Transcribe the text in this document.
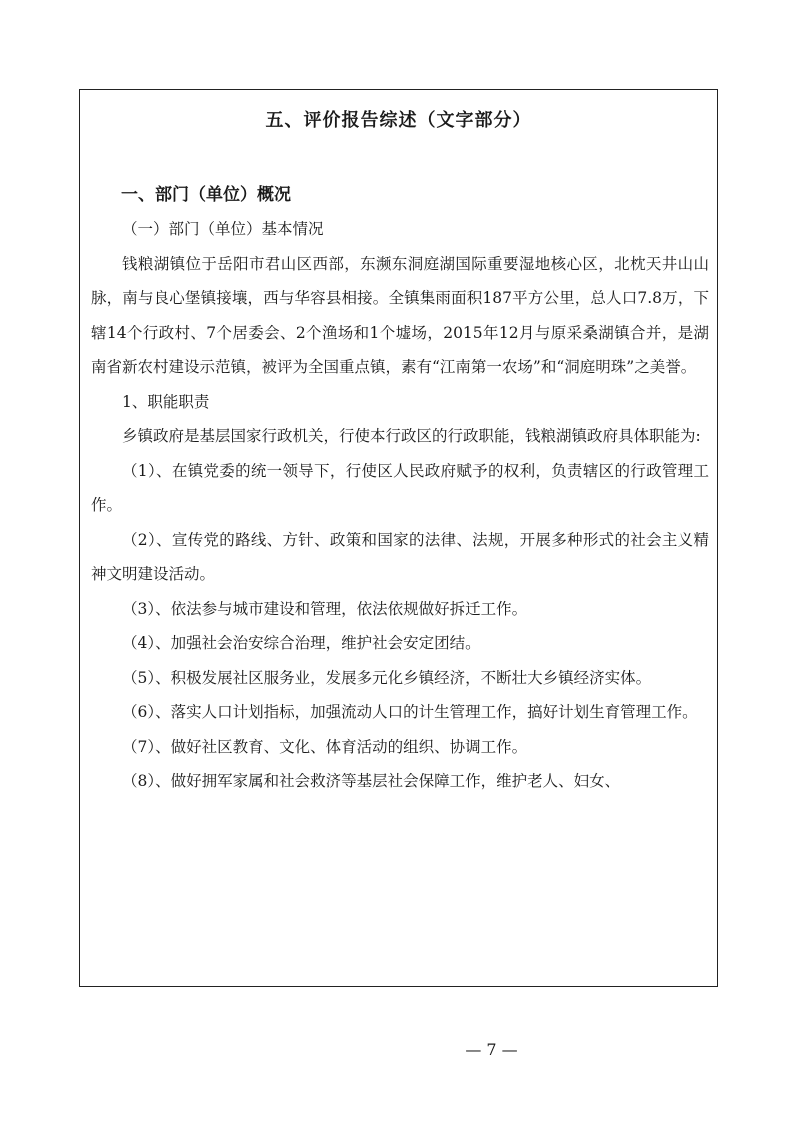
五、评价报告综述（文字部分）
一、部门（单位）概况

（一）部门（单位）基本情况

钱粮湖镇位于岳阳市君山区西部，东濒东洞庭湖国际重要湿地核心区，北枕天井山山脉，南与良心堡镇接壤，西与华容县相接。全镇集雨面积187平方公里，总人口7.8万，下辖14个行政村、7个居委会、2个渔场和1个墟场，2015年12月与原采桑湖镇合并，是湖南省新农村建设示范镇，被评为全国重点镇，素有“江南第一农场”和“洞庭明珠”之美誉。

1、职能职责

乡镇政府是基层国家行政机关，行使本行政区的行政职能，钱粮湖镇政府具体职能为:

（1）、在镇党委的统一领导下，行使区人民政府赋予的权利，负责辖区的行政管理工作。

（2）、宣传党的路线、方针、政策和国家的法律、法规，开展多种形式的社会主义精神文明建设活动。

（3）、依法参与城市建设和管理，依法依规做好拆迁工作。

（4）、加强社会治安综合治理，维护社会安定团结。

（5）、积极发展社区服务业，发展多元化乡镇经济，不断壮大乡镇经济实体。

（6）、落实人口计划指标，加强流动人口的计生管理工作，搞好计划生育管理工作。

（7）、做好社区教育、文化、体育活动的组织、协调工作。

（8）、做好拥军家属和社会救济等基层社会保障工作，维护老人、妇女、

— 7 —
